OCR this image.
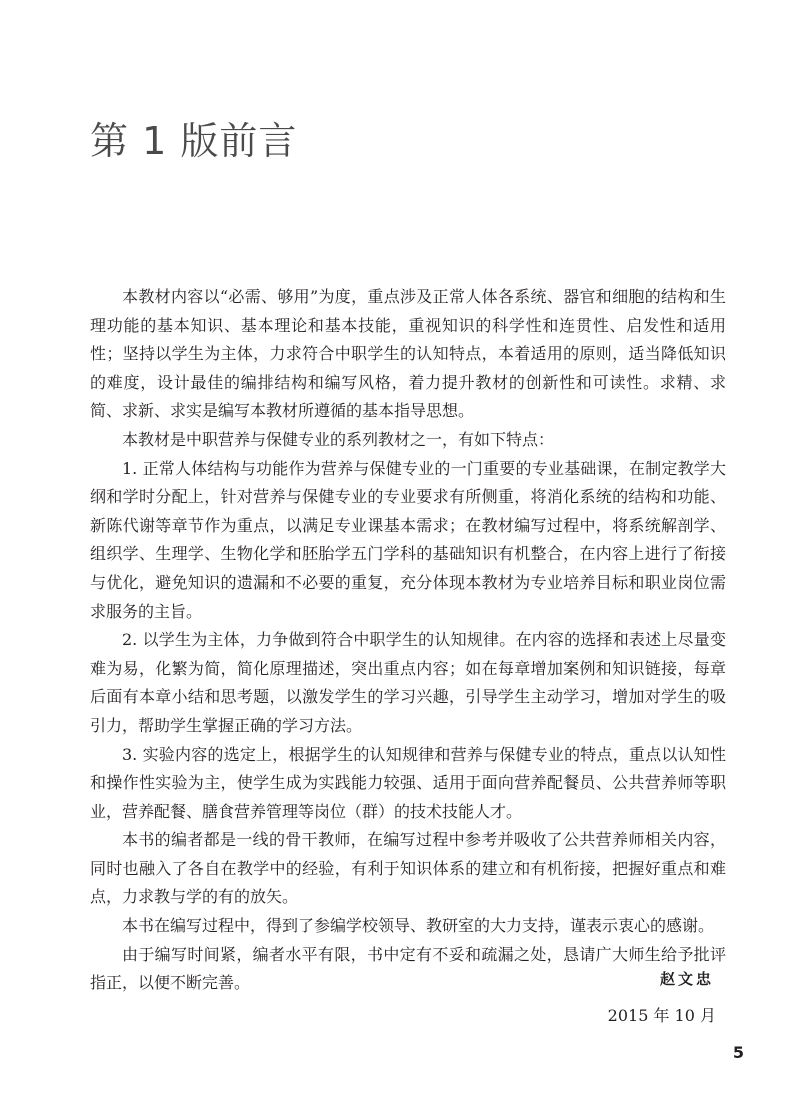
第 1 版前言

本教材内容以“必需、够用”为度，重点涉及正常人体各系统、器官和细胞的结构和生理功能的基本知识、基本理论和基本技能，重视知识的科学性和连贯性、启发性和适用性；坚持以学生为主体，力求符合中职学生的认知特点，本着适用的原则，适当降低知识的难度，设计最佳的编排结构和编写风格，着力提升教材的创新性和可读性。求精、求简、求新、求实是编写本教材所遵循的基本指导思想。

本教材是中职营养与保健专业的系列教材之一，有如下特点：

1. 正常人体结构与功能作为营养与保健专业的一门重要的专业基础课，在制定教学大纲和学时分配上，针对营养与保健专业的专业要求有所侧重，将消化系统的结构和功能、新陈代谢等章节作为重点，以满足专业课基本需求；在教材编写过程中，将系统解剖学、组织学、生理学、生物化学和胚胎学五门学科的基础知识有机整合，在内容上进行了衔接与优化，避免知识的遗漏和不必要的重复，充分体现本教材为专业培养目标和职业岗位需求服务的主旨。

2. 以学生为主体，力争做到符合中职学生的认知规律。在内容的选择和表述上尽量变难为易，化繁为简，简化原理描述，突出重点内容；如在每章增加案例和知识链接，每章后面有本章小结和思考题，以激发学生的学习兴趣，引导学生主动学习，增加对学生的吸引力，帮助学生掌握正确的学习方法。

3. 实验内容的选定上，根据学生的认知规律和营养与保健专业的特点，重点以认知性和操作性实验为主，使学生成为实践能力较强、适用于面向营养配餐员、公共营养师等职业，营养配餐、膳食营养管理等岗位（群）的技术技能人才。

本书的编者都是一线的骨干教师，在编写过程中参考并吸收了公共营养师相关内容，同时也融入了各自在教学中的经验，有利于知识体系的建立和有机衔接，把握好重点和难点，力求教与学的有的放矢。

本书在编写过程中，得到了参编学校领导、教研室的大力支持，谨表示衷心的感谢。

由于编写时间紧，编者水平有限，书中定有不妥和疏漏之处，恳请广大师生给予批评指正，以便不断完善。	赵文忠

2015 年 10 月

5
